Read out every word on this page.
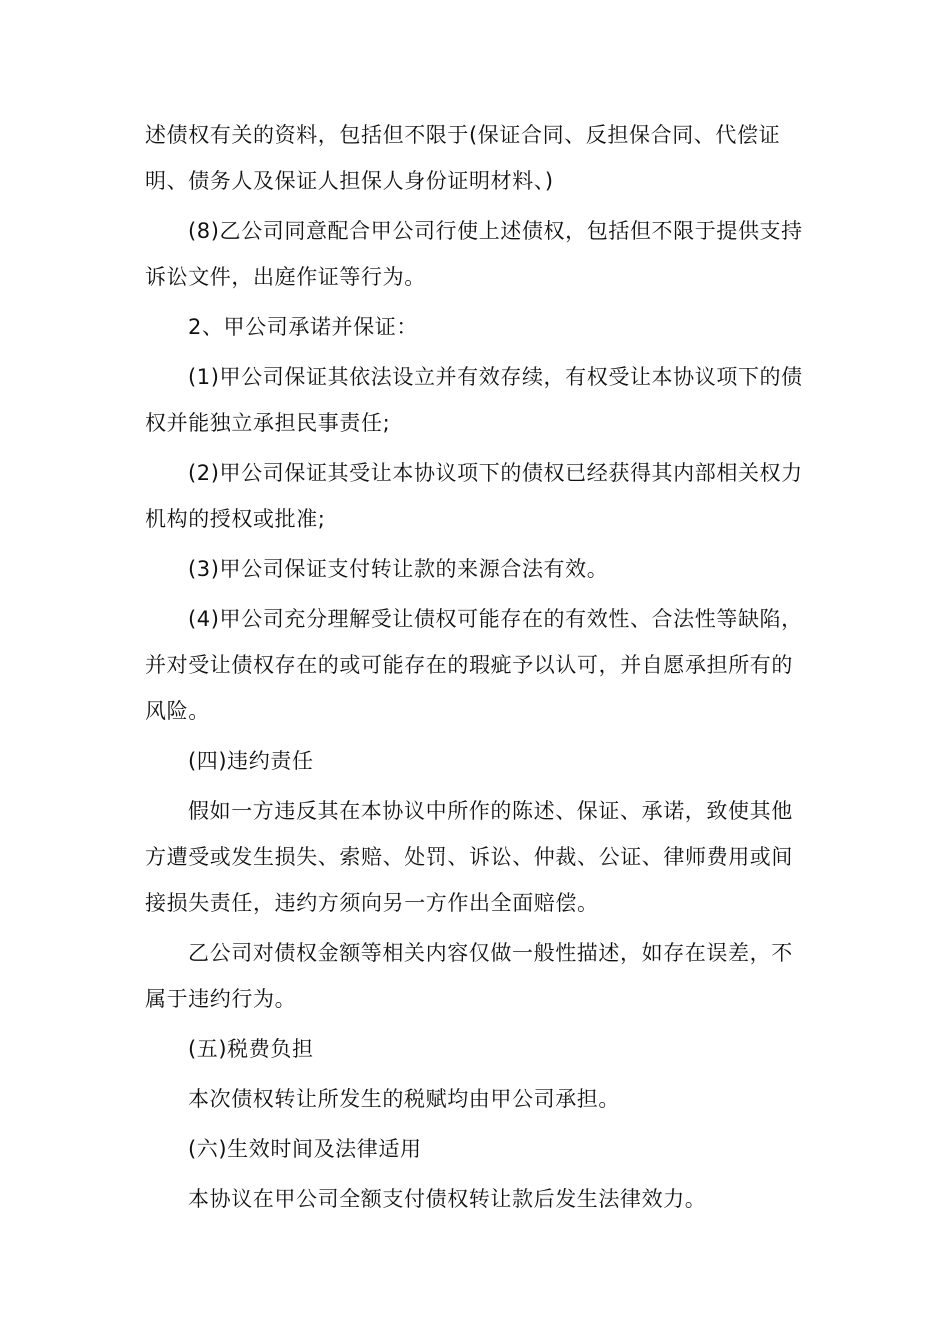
述债权有关的资料，包括但不限于(保证合同、反担保合同、代偿证明、债务人及保证人担保人身份证明材料、)

(8)乙公司同意配合甲公司行使上述债权，包括但不限于提供支持诉讼文件，出庭作证等行为。

2、甲公司承诺并保证：

(1)甲公司保证其依法设立并有效存续，有权受让本协议项下的债权并能独立承担民事责任;

(2)甲公司保证其受让本协议项下的债权已经获得其内部相关权力机构的授权或批准;

(3)甲公司保证支付转让款的来源合法有效。

(4)甲公司充分理解受让债权可能存在的有效性、合法性等缺陷，并对受让债权存在的或可能存在的瑕疵予以认可，并自愿承担所有的风险。

(四)违约责任

假如一方违反其在本协议中所作的陈述、保证、承诺，致使其他方遭受或发生损失、索赔、处罚、诉讼、仲裁、公证、律师费用或间接损失责任，违约方须向另一方作出全面赔偿。

乙公司对债权金额等相关内容仅做一般性描述，如存在误差，不属于违约行为。

(五)税费负担

本次债权转让所发生的税赋均由甲公司承担。

(六)生效时间及法律适用

本协议在甲公司全额支付债权转让款后发生法律效力。
